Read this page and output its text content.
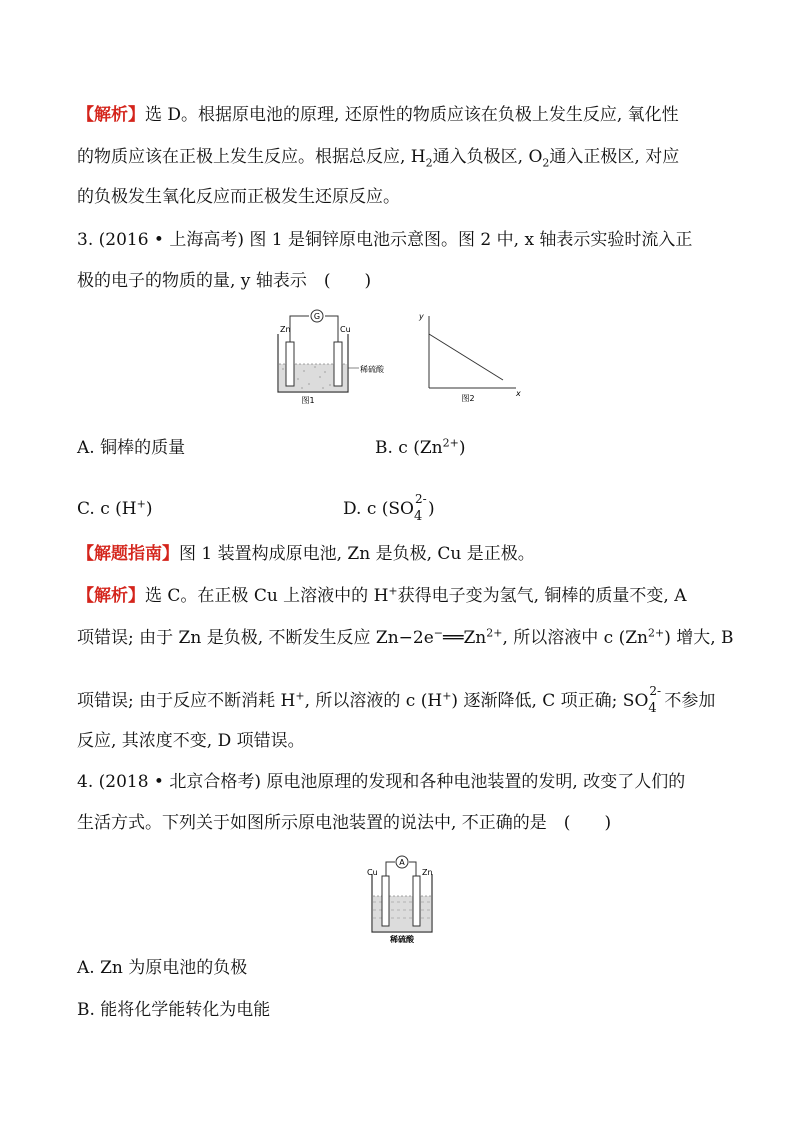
【解析】选 D。根据原电池的原理, 还原性的物质应该在负极上发生反应, 氧化性
的物质应该在正极上发生反应。根据总反应, $H_2$通入负极区, $O_2$通入正极区, 对应
的负极发生氧化反应而正极发生还原反应。
3. (2016 • 上海高考) 图 1 是铜锌原电池示意图。图 2 中, x 轴表示实验时流入正
极的电子的物质的量, y 轴表示　(　　)
G
Zn	Cu
稀硫酸
图1
y
x
图2
A. 铜棒的质量	B. c $(Zn^{2+})$
C. c (H+)	D. c (SO 2-
$_4$ )
【解题指南】图 1 装置构成原电池, Zn 是负极, Cu 是正极。
【解析】选 C。在正极 Cu 上溶液中的 H+获得电子变为氢气, 铜棒的质量不变, A
项错误; 由于 Zn 是负极, 不断发生反应 $Zn-2e^-══Zn^{2+}$, 所以溶液中 c $(Zn^{2+})$ 增大, B
项错误; 由于反应不断消耗 H+, 所以溶液的 c (H+) 逐渐降低, C 项正确; SO 2-
$_4$ 不参加
反应, 其浓度不变, D 项错误。
4. (2018 • 北京合格考) 原电池原理的发现和各种电池装置的发明, 改变了人们的
生活方式。下列关于如图所示原电池装置的说法中, 不正确的是　(　　)
A
Cu	Zn
稀硫酸
A. Zn 为原电池的负极
B. 能将化学能转化为电能
